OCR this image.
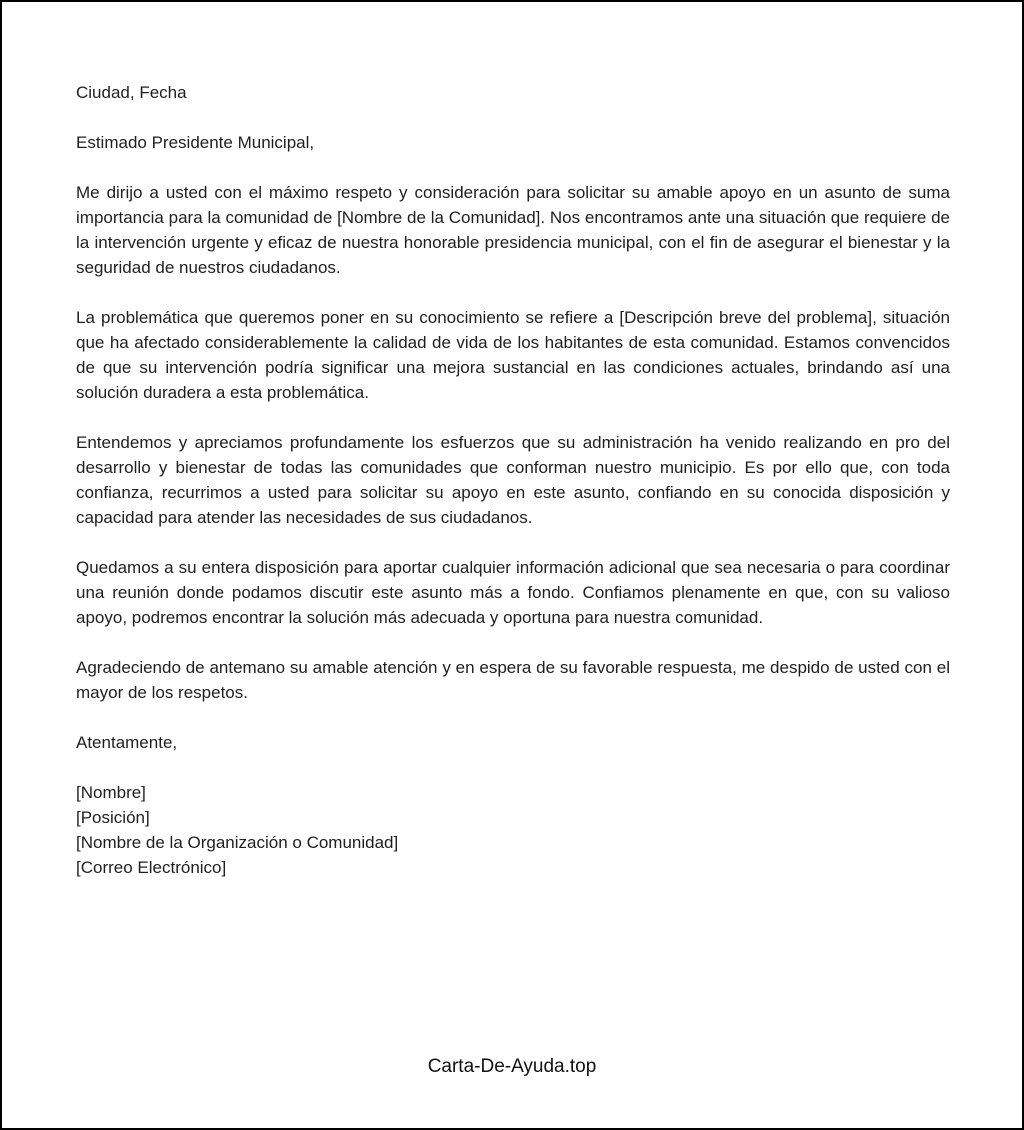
Ciudad, Fecha

Estimado Presidente Municipal,

Me dirijo a usted con el máximo respeto y consideración para solicitar su amable apoyo en un asunto de suma importancia para la comunidad de [Nombre de la Comunidad]. Nos encontramos ante una situación que requiere de la intervención urgente y eficaz de nuestra honorable presidencia municipal, con el fin de asegurar el bienestar y la seguridad de nuestros ciudadanos.

La problemática que queremos poner en su conocimiento se refiere a [Descripción breve del problema], situación que ha afectado considerablemente la calidad de vida de los habitantes de esta comunidad. Estamos convencidos de que su intervención podría significar una mejora sustancial en las condiciones actuales, brindando así una solución duradera a esta problemática.

Entendemos y apreciamos profundamente los esfuerzos que su administración ha venido realizando en pro del desarrollo y bienestar de todas las comunidades que conforman nuestro municipio. Es por ello que, con toda confianza, recurrimos a usted para solicitar su apoyo en este asunto, confiando en su conocida disposición y capacidad para atender las necesidades de sus ciudadanos.

Quedamos a su entera disposición para aportar cualquier información adicional que sea necesaria o para coordinar una reunión donde podamos discutir este asunto más a fondo. Confiamos plenamente en que, con su valioso apoyo, podremos encontrar la solución más adecuada y oportuna para nuestra comunidad.

Agradeciendo de antemano su amable atención y en espera de su favorable respuesta, me despido de usted con el mayor de los respetos.

Atentamente,

[Nombre]
[Posición]
[Nombre de la Organización o Comunidad]
[Correo Electrónico]
Carta-De-Ayuda.top
